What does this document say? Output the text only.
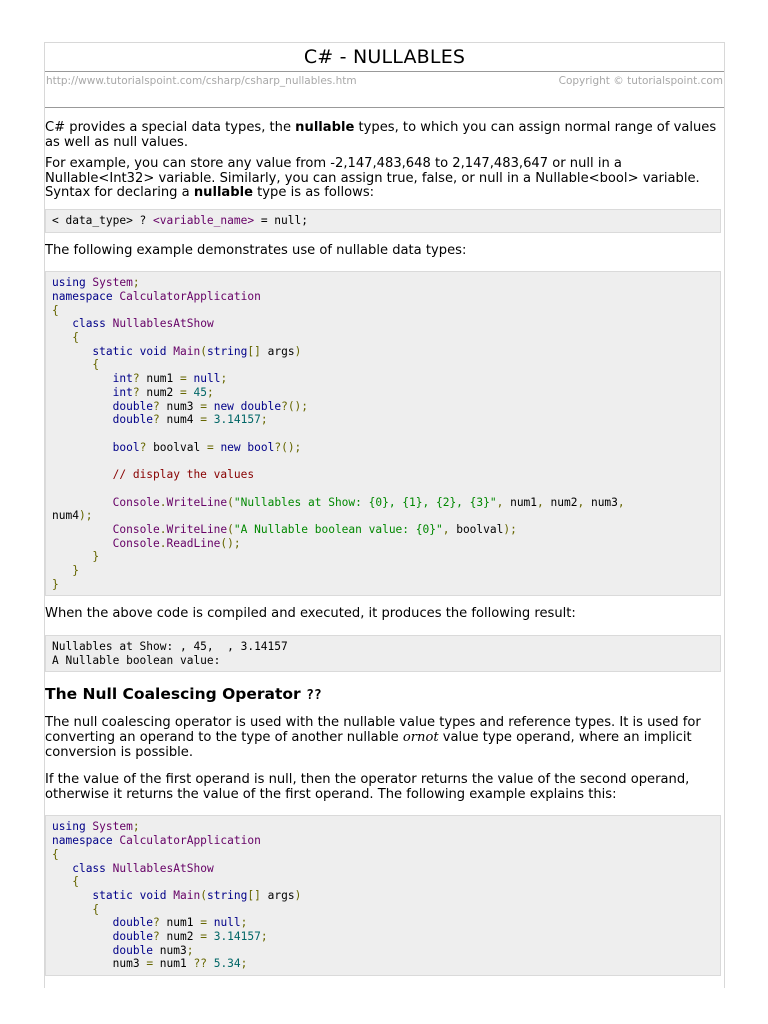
C# - NULLABLES
http://www.tutorialspoint.com/csharp/csharp_nullables.htm	Copyright © tutorialspoint.com

C# provides a special data types, the nullable types, to which you can assign normal range of values as well as null values.

For example, you can store any value from -2,147,483,648 to 2,147,483,647 or null in a Nullable<Int32> variable. Similarly, you can assign true, false, or null in a Nullable<bool> variable. Syntax for declaring a nullable type is as follows:

< data_type> ? <variable_name> = null;

The following example demonstrates use of nullable data types:

using System;
namespace CalculatorApplication
{
class NullablesAtShow
{
static void Main(string[] args)
{
int? num1 = null;
int? num2 = 45;
double? num3 = new double?();
double? num4 = 3.14157;

bool? boolval = new bool?();

// display the values

Console.WriteLine("Nullables at Show: {0}, {1}, {2}, {3}", num1, num2, num3,
num4);
Console.WriteLine("A Nullable boolean value: {0}", boolval);
Console.ReadLine();
}
}
}

When the above code is compiled and executed, it produces the following result:

Nullables at Show: , 45,  , 3.14157
A Nullable boolean value:
The Null Coalescing Operator ??

The null coalescing operator is used with the nullable value types and reference types. It is used for converting an operand to the type of another nullable ornot value type operand, where an implicit conversion is possible.

If the value of the first operand is null, then the operator returns the value of the second operand, otherwise it returns the value of the first operand. The following example explains this:

using System;
namespace CalculatorApplication
{
class NullablesAtShow
{
static void Main(string[] args)
{
double? num1 = null;
double? num2 = 3.14157;
double num3;
num3 = num1 ?? 5.34;
